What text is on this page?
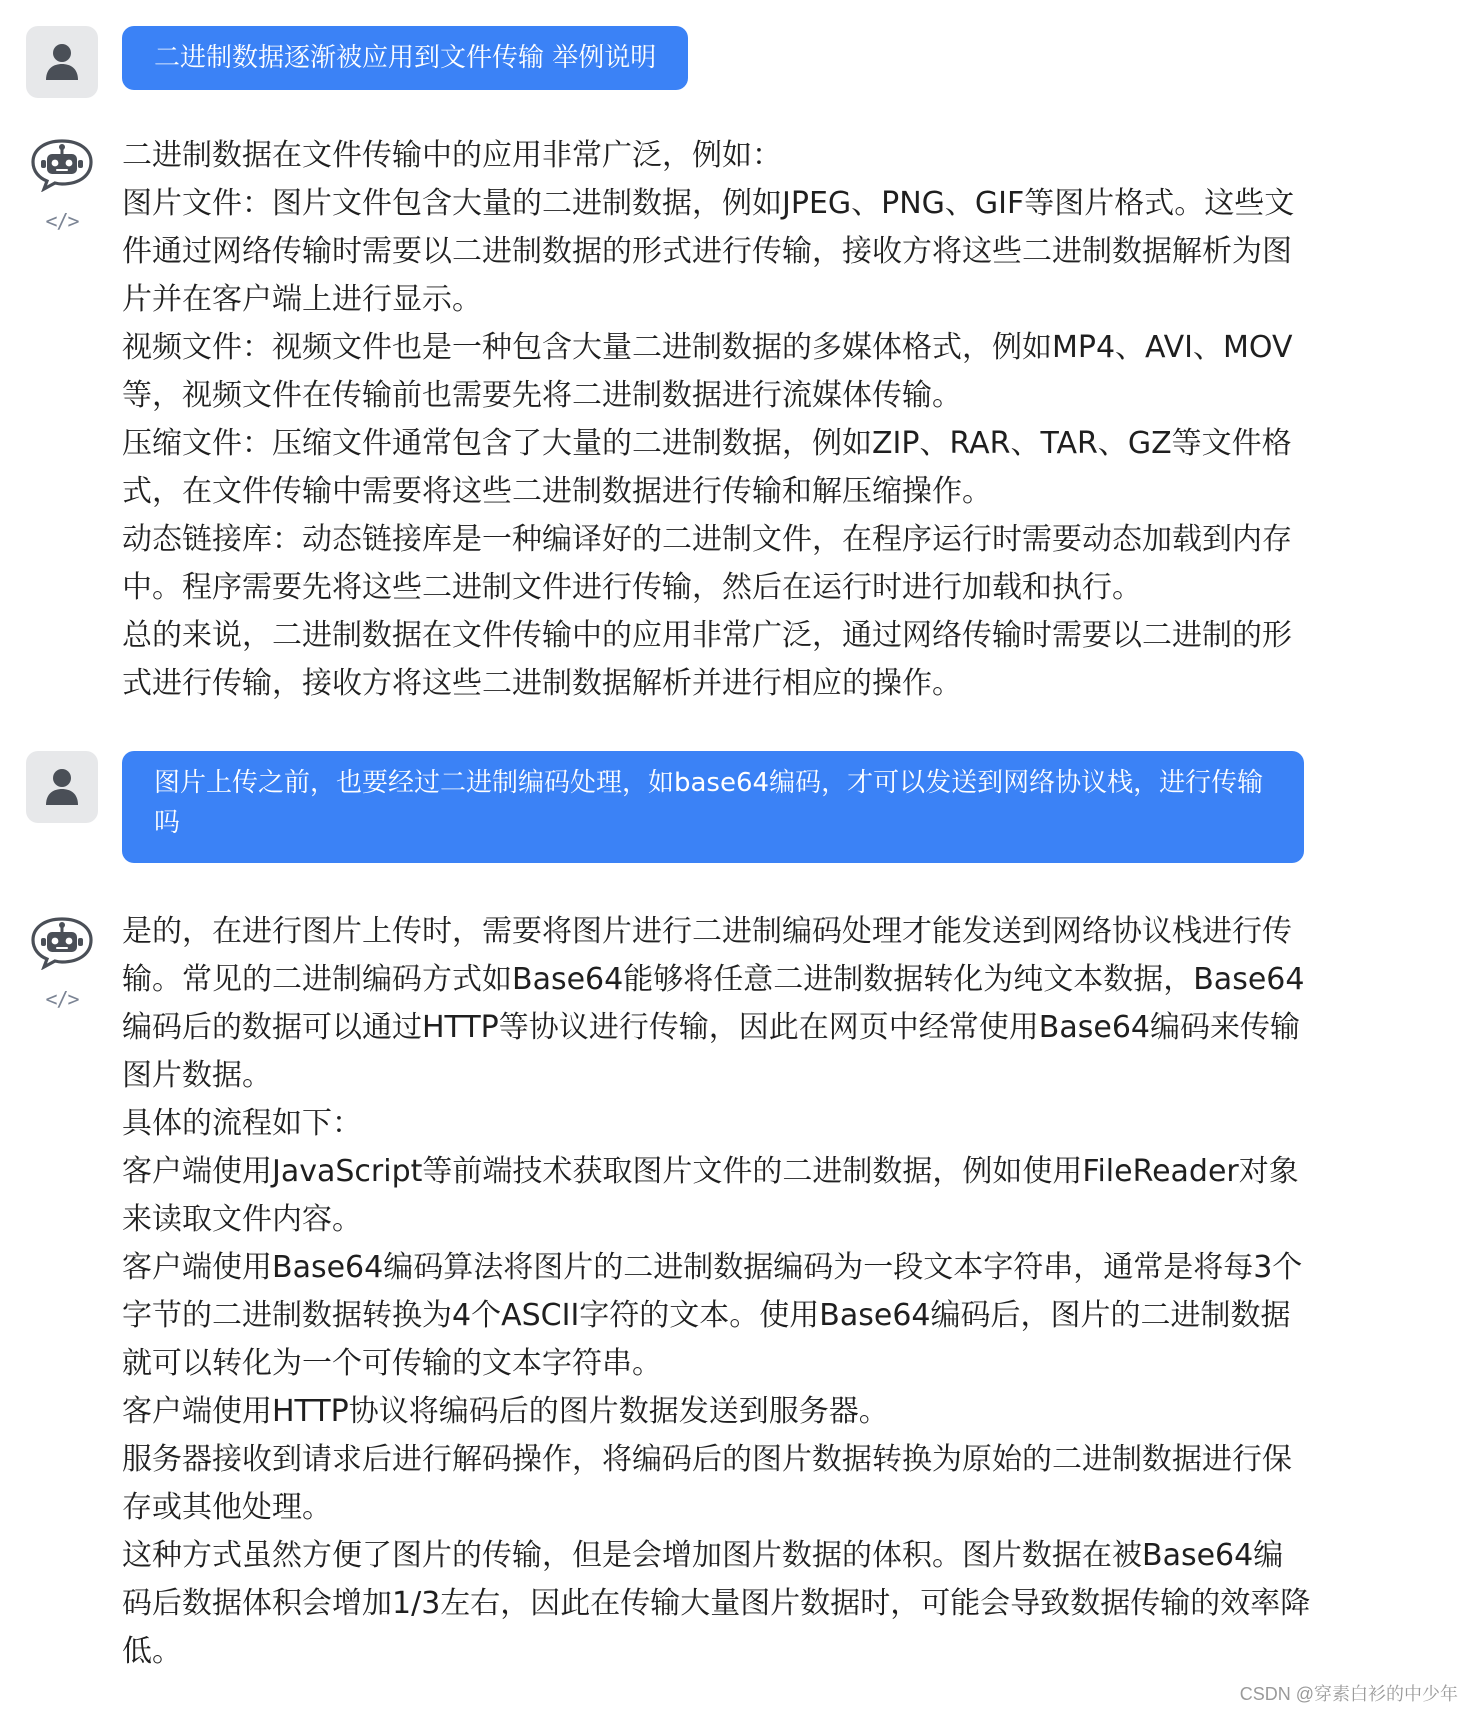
二进制数据逐渐被应用到文件传输 举例说明
</>

二进制数据在文件传输中的应用非常广泛，例如：

图片文件：图片文件包含大量的二进制数据，例如JPEG、PNG、GIF等图片格式。这些文件通过网络传输时需要以二进制数据的形式进行传输，接收方将这些二进制数据解析为图片并在客户端上进行显示。

视频文件：视频文件也是一种包含大量二进制数据的多媒体格式，例如MP4、AVI、MOV等，视频文件在传输前也需要先将二进制数据进行流媒体传输。

压缩文件：压缩文件通常包含了大量的二进制数据，例如ZIP、RAR、TAR、GZ等文件格式，在文件传输中需要将这些二进制数据进行传输和解压缩操作。

动态链接库：动态链接库是一种编译好的二进制文件，在程序运行时需要动态加载到内存中。程序需要先将这些二进制文件进行传输，然后在运行时进行加载和执行。

总的来说，二进制数据在文件传输中的应用非常广泛，通过网络传输时需要以二进制的形式进行传输，接收方将这些二进制数据解析并进行相应的操作。

图片上传之前，也要经过二进制编码处理，如base64编码，才可以发送到网络协议栈，进行传输吗
</>

是的，在进行图片上传时，需要将图片进行二进制编码处理才能发送到网络协议栈进行传输。常见的二进制编码方式如Base64能够将任意二进制数据转化为纯文本数据，Base64编码后的数据可以通过HTTP等协议进行传输，因此在网页中经常使用Base64编码来传输图片数据。

具体的流程如下：

客户端使用JavaScript等前端技术获取图片文件的二进制数据，例如使用FileReader对象来读取文件内容。

客户端使用Base64编码算法将图片的二进制数据编码为一段文本字符串，通常是将每3个字节的二进制数据转换为4个ASCII字符的文本。使用Base64编码后，图片的二进制数据就可以转化为一个可传输的文本字符串。

客户端使用HTTP协议将编码后的图片数据发送到服务器。

服务器接收到请求后进行解码操作，将编码后的图片数据转换为原始的二进制数据进行保存或其他处理。

这种方式虽然方便了图片的传输，但是会增加图片数据的体积。图片数据在被Base64编码后数据体积会增加1/3左右，因此在传输大量图片数据时，可能会导致数据传输的效率降低。

CSDN @穿素白衫的中少年
